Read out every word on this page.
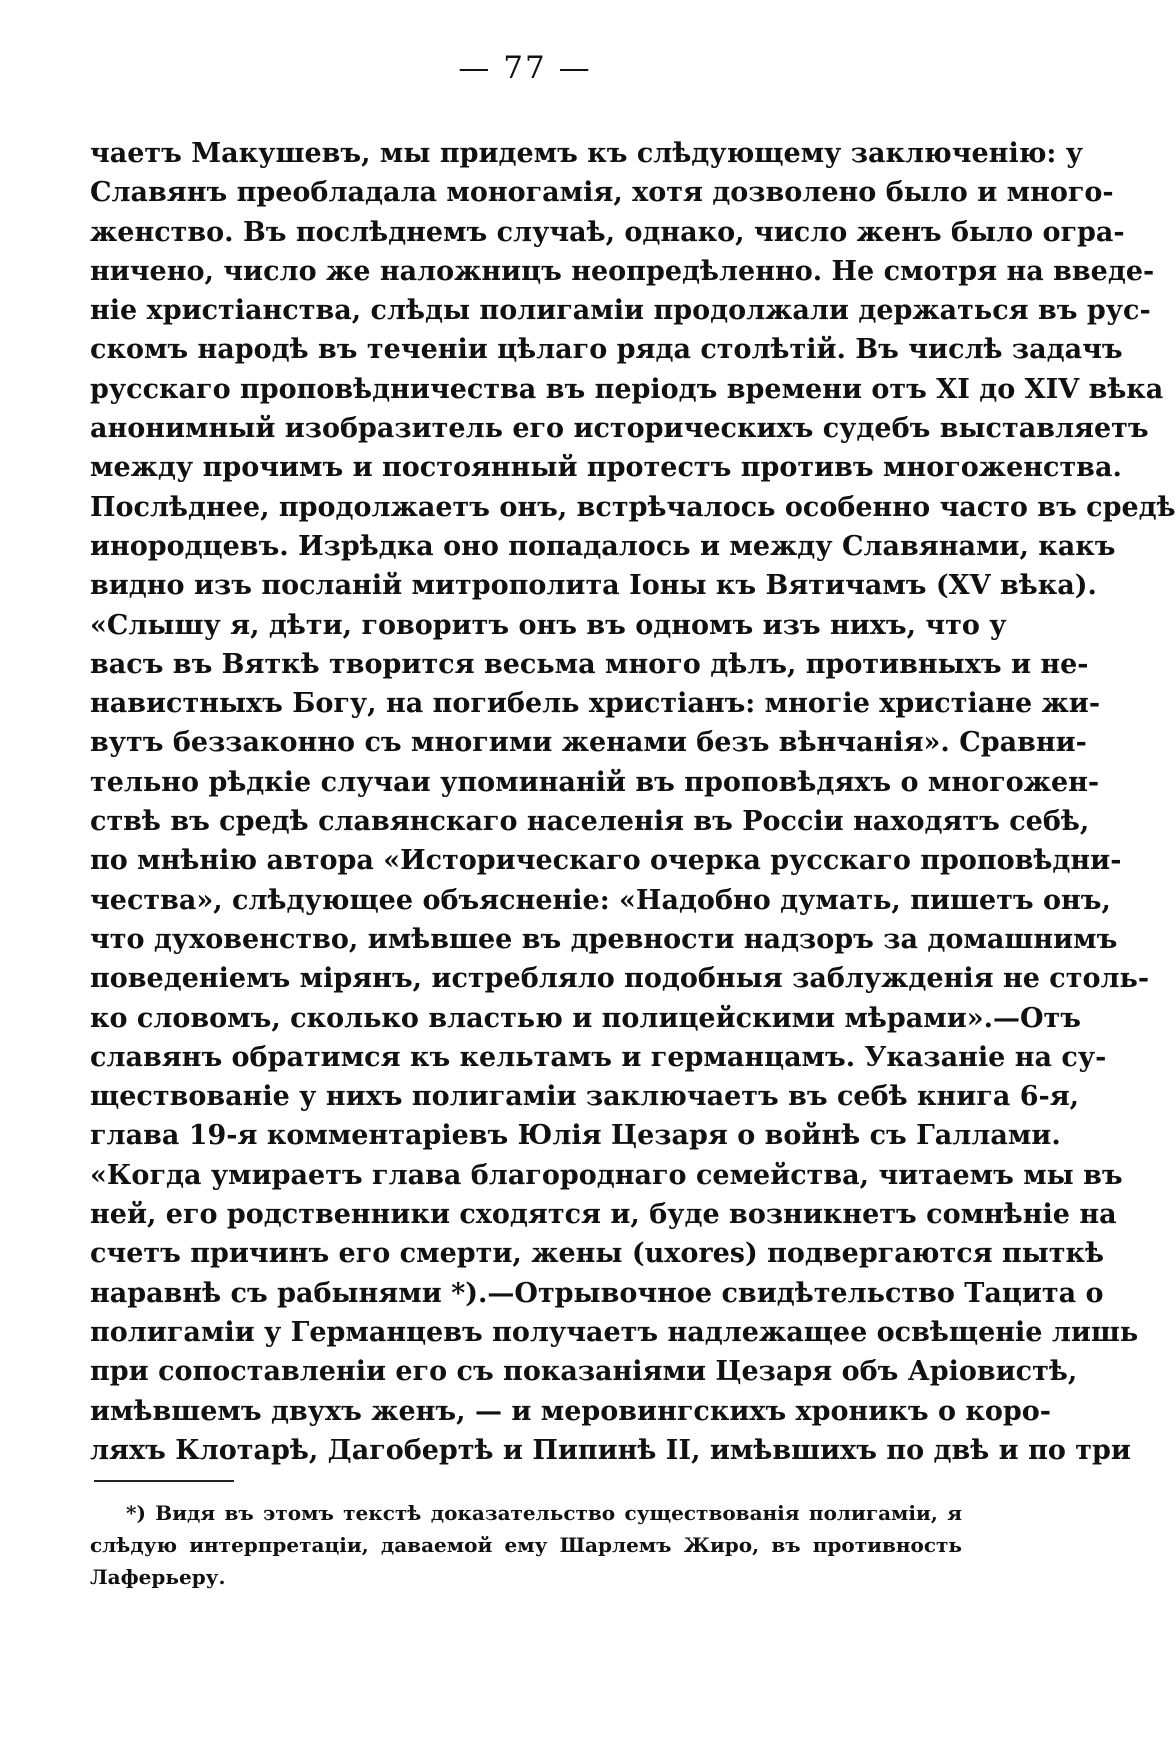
— 77 —
чаетъ Макушевъ, мы придемъ къ слѣдующему заключенію: у
Славянъ преобладала моногамія, хотя дозволено было и много-
женство. Въ послѣднемъ случаѣ, однако, число женъ было огра-
ничено, число же наложницъ неопредѣленно. Не смотря на введе-
ніе христіанства, слѣды полигаміи продолжали держаться въ рус-
скомъ народѣ въ теченіи цѣлаго ряда столѣтій. Въ числѣ задачъ
русскаго проповѣдничества въ періодъ времени отъ XI до XIV вѣка
анонимный изобразитель его историческихъ судебъ выставляетъ
между прочимъ и постоянный протестъ противъ многоженства.
Послѣднее, продолжаетъ онъ, встрѣчалось особенно часто въ средѣ
инородцевъ. Изрѣдка оно попадалось и между Славянами, какъ
видно изъ посланій митрополита Іоны къ Вятичамъ (XV вѣка).
«Слышу я, дѣти, говоритъ онъ въ одномъ изъ нихъ, что у
васъ въ Вяткѣ творится весьма много дѣлъ, противныхъ и не-
навистныхъ Богу, на погибель христіанъ: многіе христіане жи-
вутъ беззаконно съ многими женами безъ вѣнчанія». Сравни-
тельно рѣдкіе случаи упоминаній въ проповѣдяхъ о многожен-
ствѣ въ средѣ славянскаго населенія въ Россіи находятъ себѣ,
по мнѣнію автора «Историческаго очерка русскаго проповѣдни-
чества», слѣдующее объясненіе: «Надобно думать, пишетъ онъ,
что духовенство, имѣвшее въ древности надзоръ за домашнимъ
поведеніемъ мірянъ, истребляло подобныя заблужденія не столь-
ко словомъ, сколько властью и полицейскими мѣрами».—Отъ
славянъ обратимся къ кельтамъ и германцамъ. Указаніе на су-
ществованіе у нихъ полигаміи заключаетъ въ себѣ книга 6-я,
глава 19-я комментаріевъ Юлія Цезаря о войнѣ съ Галлами.
«Когда умираетъ глава благороднаго семейства, читаемъ мы въ
ней, его родственники сходятся и, буде возникнетъ сомнѣніе на
счетъ причинъ его смерти, жены (uxores) подвергаются пыткѣ
наравнѣ съ рабынями *).—Отрывочное свидѣтельство Тацита о
полигаміи у Германцевъ получаетъ надлежащее освѣщеніе лишь
при сопоставленіи его съ показаніями Цезаря объ Аріовистѣ,
имѣвшемъ двухъ женъ, — и меровингскихъ хроникъ о коро-
ляхъ Клотарѣ, Дагобертѣ и Пипинѣ II, имѣвшихъ по двѣ и по три
*) Видя въ этомъ текстѣ доказательство существованія полигаміи, я
слѣдую интерпретаціи, даваемой ему Шарлемъ Жиро, въ противность
Лаферьеру.
